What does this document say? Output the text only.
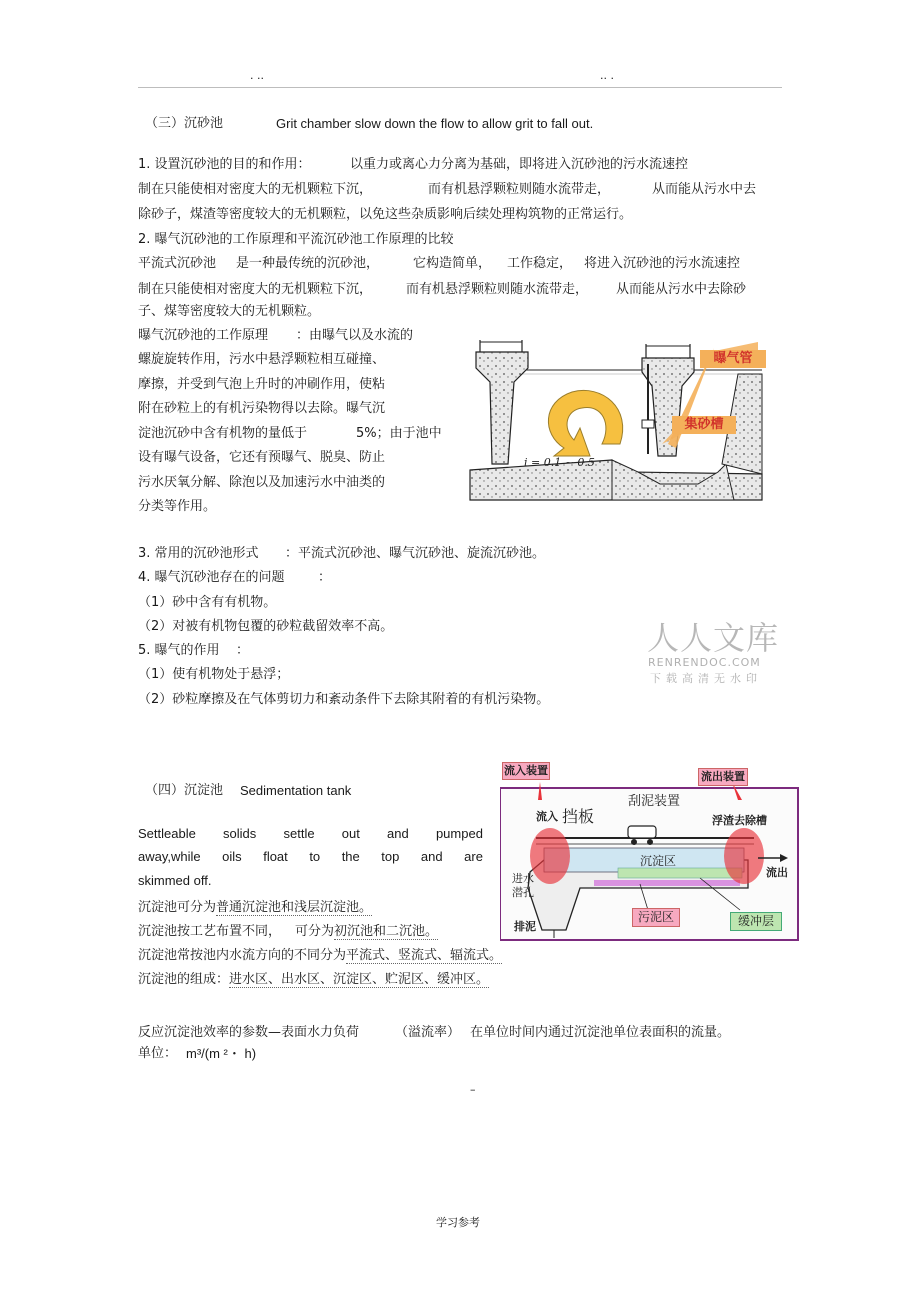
. ..	.. .
（三）沉砂池	Grit chamber slow down the flow to allow grit to fall out.
1. 设置沉砂池的目的和作用：	以重力或离心力分离为基础，即将进入沉砂池的污水流速控
制在只能使相对密度大的无机颗粒下沉，	而有机悬浮颗粒则随水流带走，	从而能从污水中去
除砂子，煤渣等密度较大的无机颗粒，以免这些杂质影响后续处理构筑物的正常运行。
2. 曝气沉砂池的工作原理和平流沉砂池工作原理的比较
平流式沉砂池 是一种最传统的沉砂池，	它构造简单， 工作稳定， 将进入沉砂池的污水流速控
制在只能使相对密度大的无机颗粒下沉，	而有机悬浮颗粒则随水流带走， 从而能从污水中去除砂
子、煤等密度较大的无机颗粒。
曝气沉砂池的工作原理 ：由曝气以及水流的
螺旋旋转作用，污水中悬浮颗粒相互碰撞、
摩擦，并受到气泡上升时的冲刷作用，使粘
附在砂粒上的有机污染物得以去除。曝气沉
淀池沉砂中含有机物的量低于	5%；由于池中
设有曝气设备，它还有预曝气、脱臭、防止
污水厌氧分解、除泡以及加速污水中油类的
分类等作用。
曝气管
集砂槽
i = 0.1 ~ 0.5
3. 常用的沉砂池形式 ：平流式沉砂池、曝气沉砂池、旋流沉砂池。
4. 曝气沉砂池存在的问题	：
（1）砂中含有有机物。
（2）对被有机物包覆的砂粒截留效率不高。
5. 曝气的作用 ：
（1）使有机物处于悬浮；
（2）砂粒摩擦及在气体剪切力和紊动条件下去除其附着的有机污染物。
人人文库
RENRENDOC.COM
下载高清无水印
（四）沉淀池 Sedimentation tank
Settleable solids settle out and pumped
away,while oils float to the top and are
skimmed off.
沉淀池可分为普通沉淀池和浅层沉淀池。
沉淀池按工艺布置不同， 可分为初沉池和二沉池。
沉淀池常按池内水流方向的不同分为平流式、竖流式、辐流式。
沉淀池的组成：进水区、出水区、沉淀区、贮泥区、缓冲区。
流入装置	流出装置
挡板
刮泥装置
流入	浮渣去除槽
流出
沉淀区
进水
潜孔
污泥区	缓冲层
排泥
反应沉淀池效率的参数—表面水力负荷	（溢流率） 在单位时间内通过沉淀池单位表面积的流量。
单位： m³/(m ²・ h)
–
学习参考
